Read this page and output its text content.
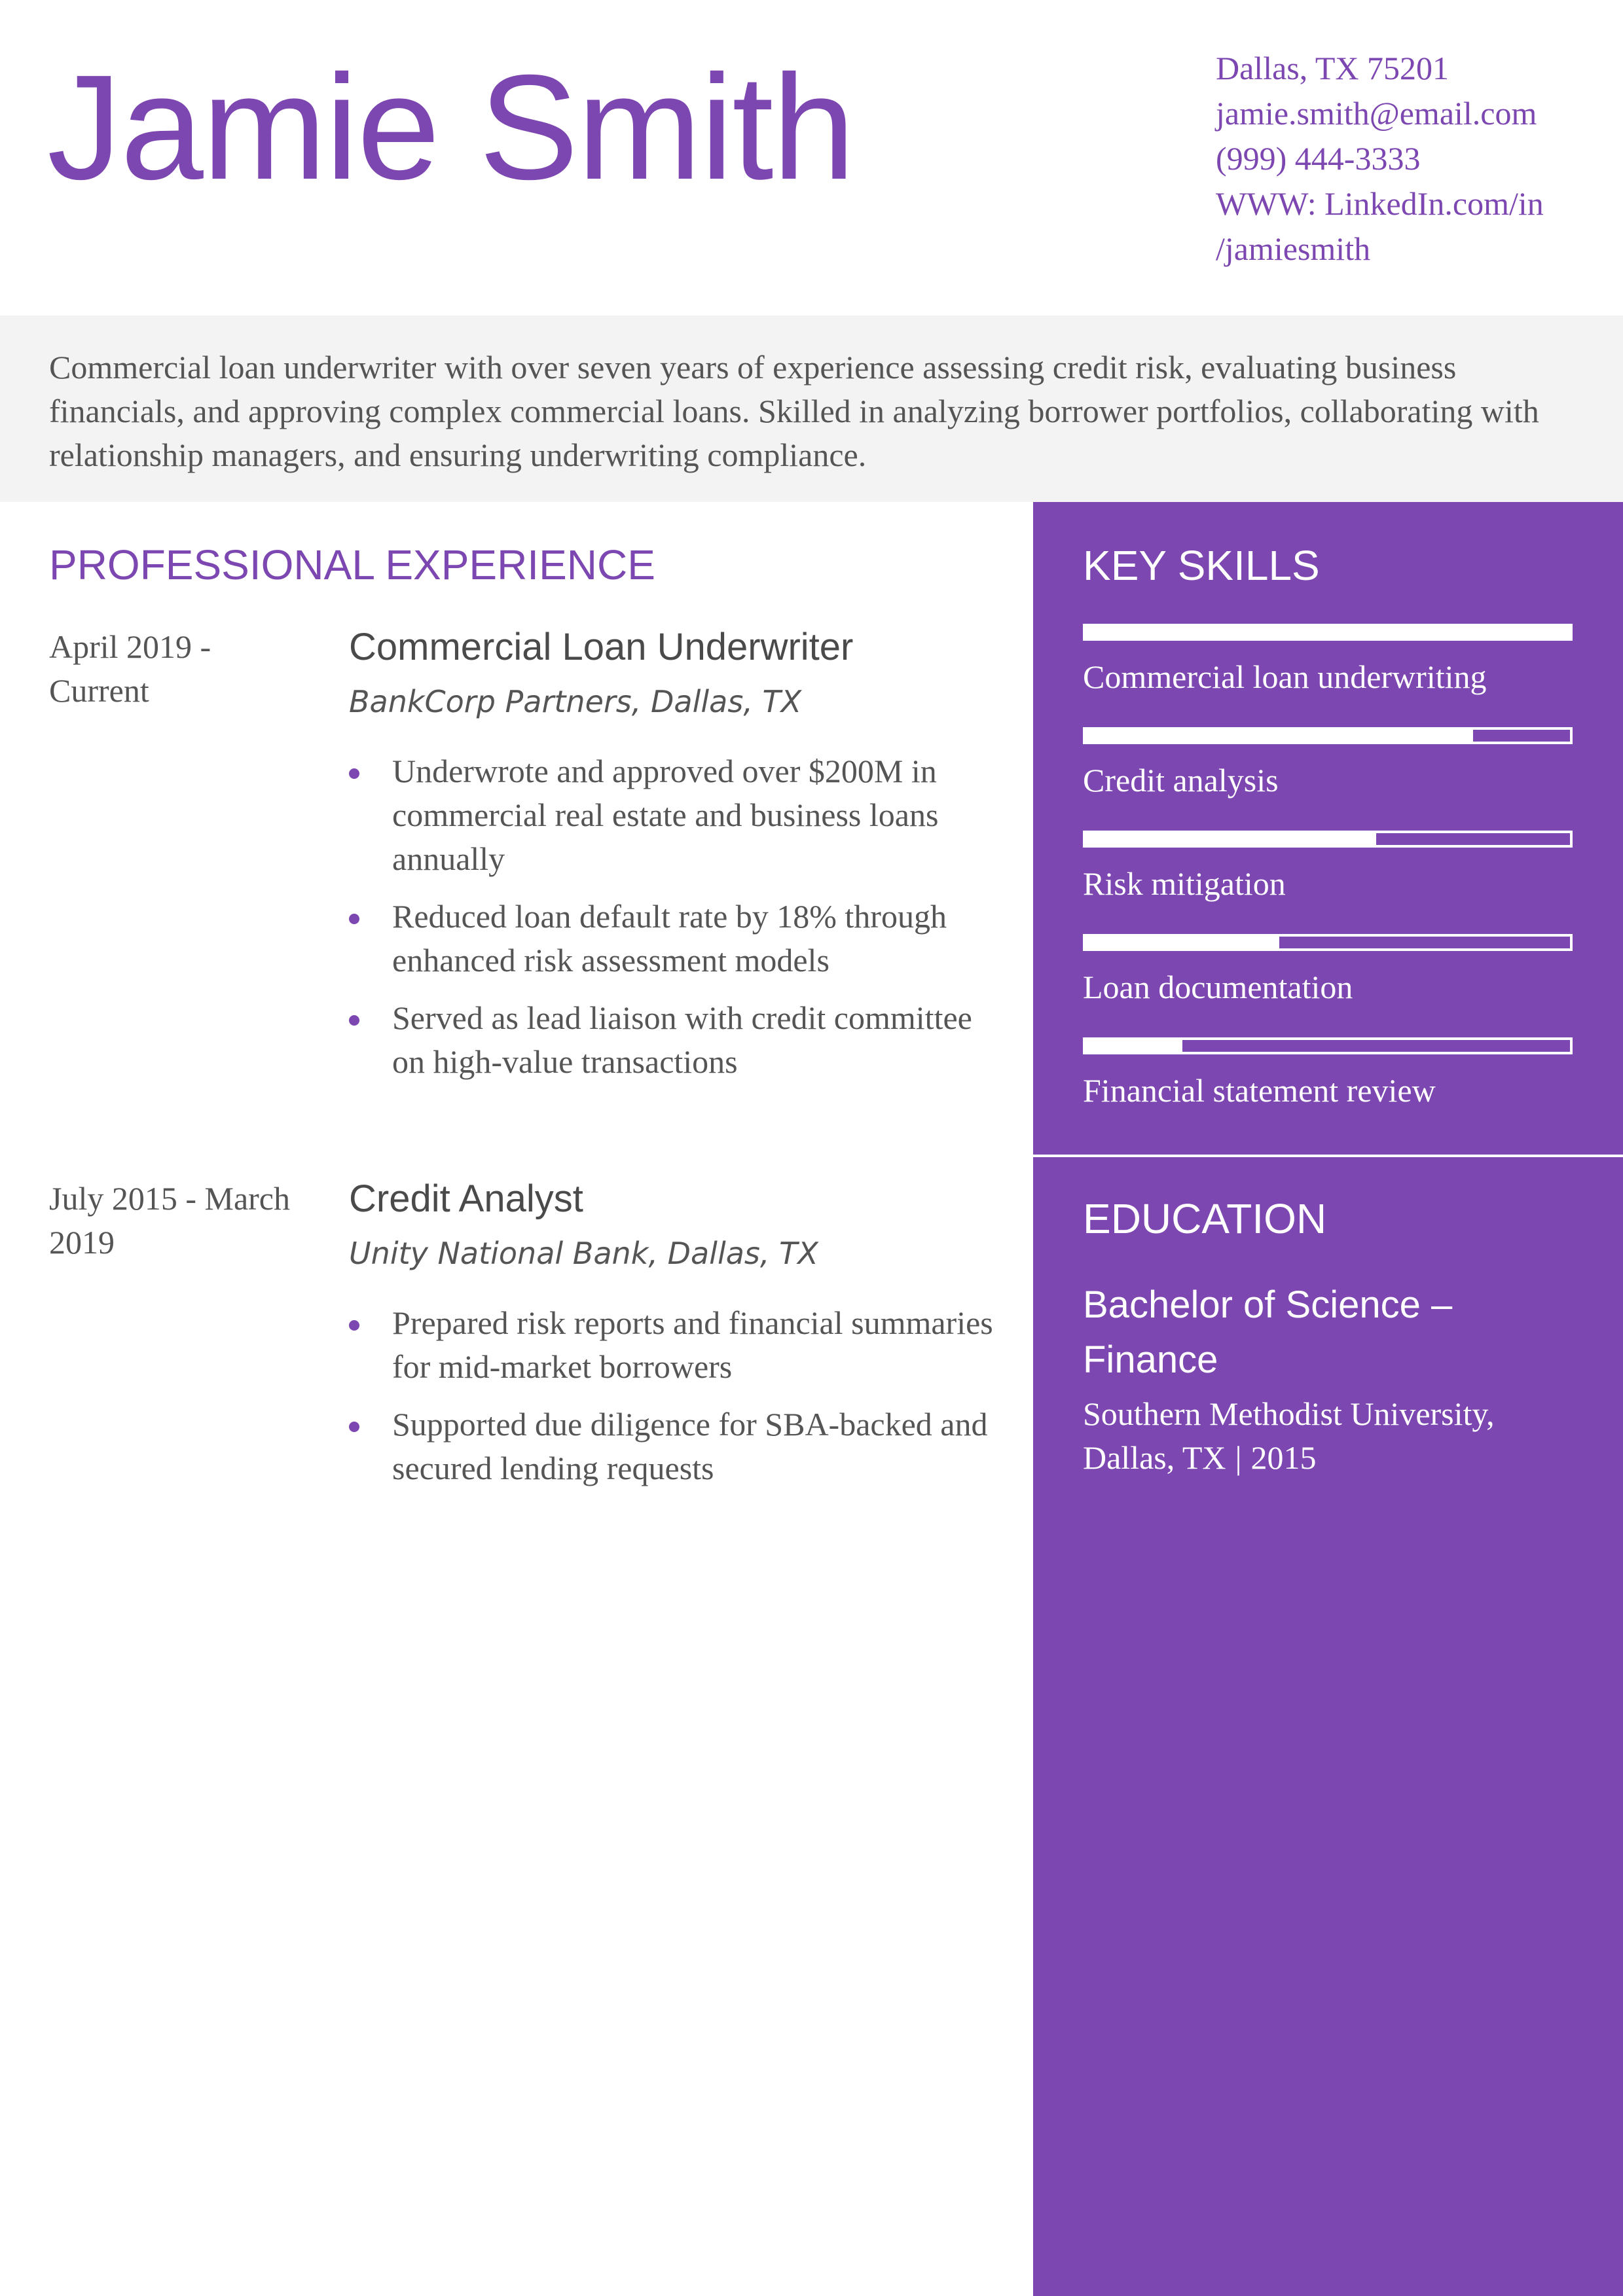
Jamie Smith	Dallas, TX 75201
jamie.smith@email.com
(999) 444-3333
WWW: LinkedIn.com/in
/jamiesmith
Commercial loan underwriter with over seven years of experience assessing credit risk, evaluating business financials, and approving complex commercial loans. Skilled in analyzing borrower portfolios, collaborating with relationship managers, and ensuring underwriting compliance.
PROFESSIONAL EXPERIENCE
April 2019 -
Current
Commercial Loan Underwriter
BankCorp Partners, Dallas, TX
Underwrote and approved over $200M in commercial real estate and business loans annually
Reduced loan default rate by 18% through enhanced risk assessment models
Served as lead liaison with credit committee on high-value transactions
July 2015 - March
2019
Credit Analyst
Unity National Bank, Dallas, TX
Prepared risk reports and financial summaries for mid-market borrowers
Supported due diligence for SBA-backed and secured lending requests
KEY SKILLS
Commercial loan underwriting
Credit analysis
Risk mitigation
Loan documentation
Financial statement review
EDUCATION
Bachelor of Science –
Finance
Southern Methodist University,
Dallas, TX | 2015
